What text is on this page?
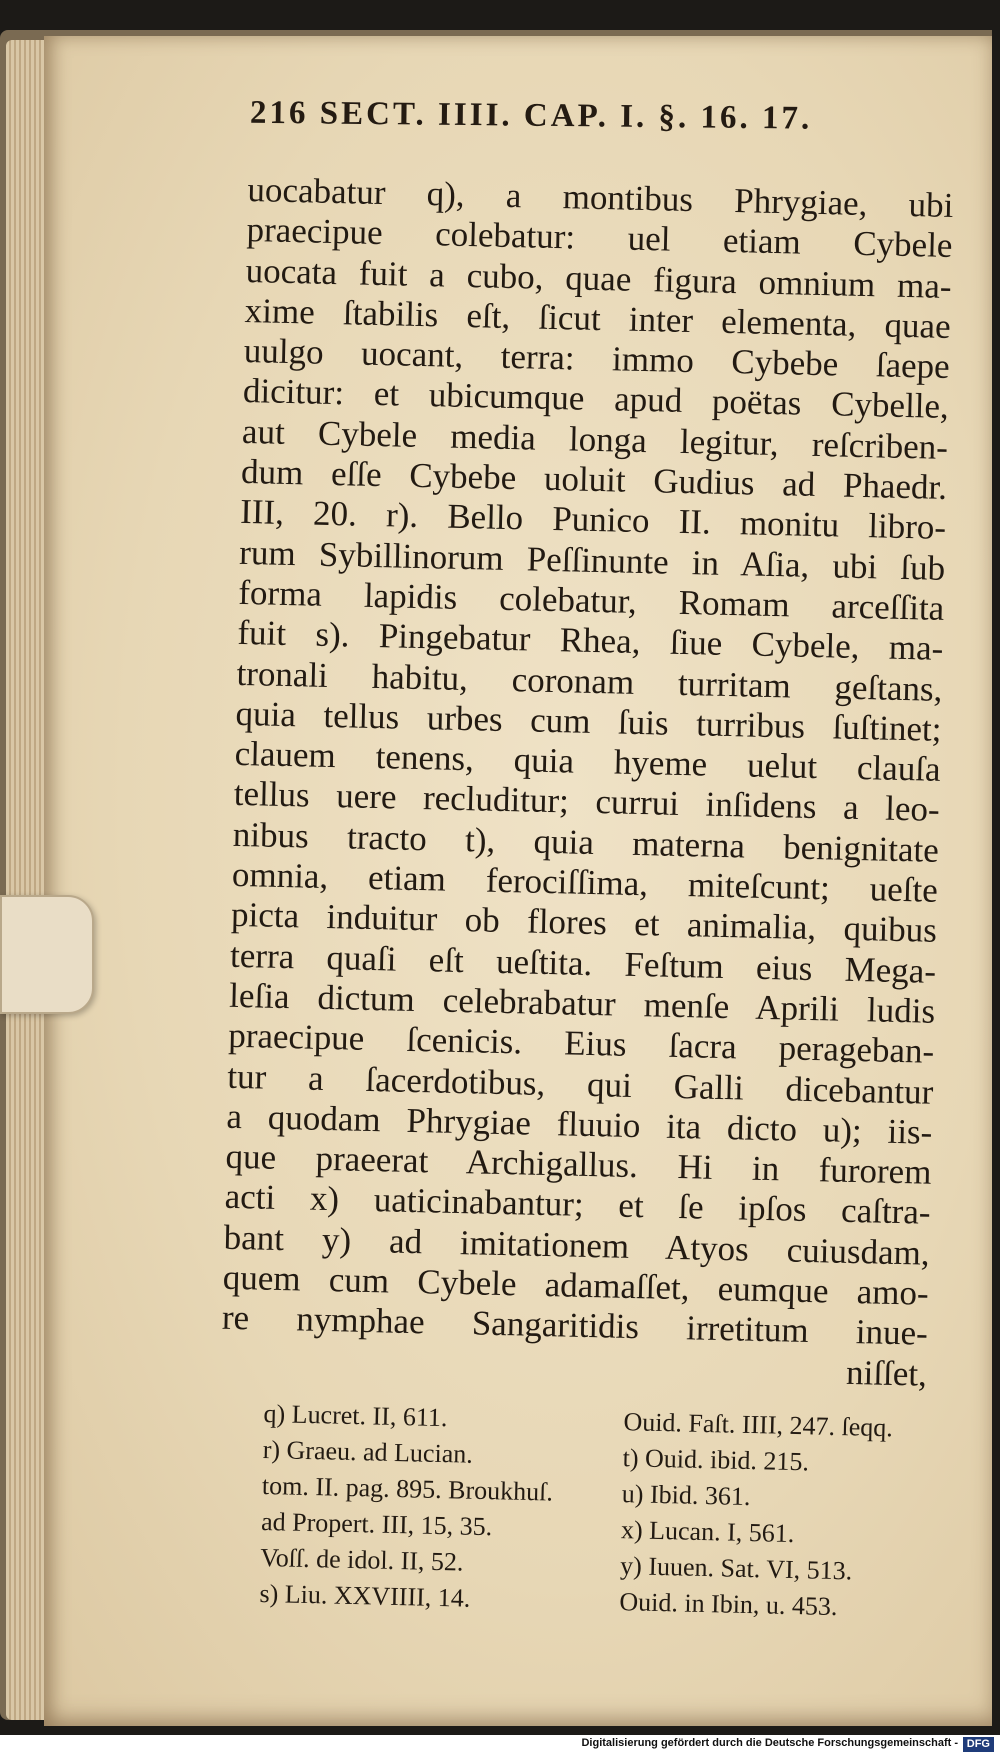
216 SECT. IIII. CAP. I. §. 16. 17.
uocabatur q), a montibus Phrygiae, ubi
praecipue colebatur: uel etiam Cybele
uocata fuit a cubo, quae figura omnium ma-
xime ſtabilis eſt, ſicut inter elementa, quae
uulgo uocant, terra: immo Cybebe ſaepe
dicitur: et ubicumque apud poëtas Cybelle,
aut Cybele media longa legitur, reſcriben-
dum eſſe Cybebe uoluit Gudius ad Phaedr.
III, 20. r). Bello Punico II. monitu libro-
rum Sybillinorum Peſſinunte in Aſia, ubi ſub
forma lapidis colebatur, Romam arceſſita
fuit s). Pingebatur Rhea, ſiue Cybele, ma-
tronali habitu, coronam turritam geſtans,
quia tellus urbes cum ſuis turribus ſuſtinet;
clauem tenens, quia hyeme uelut clauſa
tellus uere recluditur; currui inſidens a leo-
nibus tracto t), quia materna benignitate
omnia, etiam ferociſſima, miteſcunt; ueſte
picta induitur ob flores et animalia, quibus
terra quaſi eſt ueſtita. Feſtum eius Mega-
leſia dictum celebrabatur menſe Aprili ludis
praecipue ſcenicis. Eius ſacra perageban-
tur a ſacerdotibus, qui Galli dicebantur
a quodam Phrygiae fluuio ita dicto u); iis-
que praeerat Archigallus. Hi in furorem
acti x) uaticinabantur; et ſe ipſos caſtra-
bant y) ad imitationem Atyos cuiusdam,
quem cum Cybele adamaſſet, eumque amo-
re nymphae Sangaritidis irretitum inue-
niſſet,
q) Lucret. II, 611.
r) Graeu. ad Lucian.
tom. II. pag. 895. Broukhuſ.
ad Propert. III, 15, 35.
Voſſ. de idol. II, 52.
s) Liu. XXVIIII, 14.
Ouid. Faſt. IIII, 247. ſeqq.
t) Ouid. ibid. 215.
u) Ibid. 361.
x) Lucan. I, 561.
y) Iuuen. Sat. VI, 513.
Ouid. in Ibin, u. 453.
Digitalisierung gefördert durch die Deutsche Forschungsgemeinschaft - DFG
